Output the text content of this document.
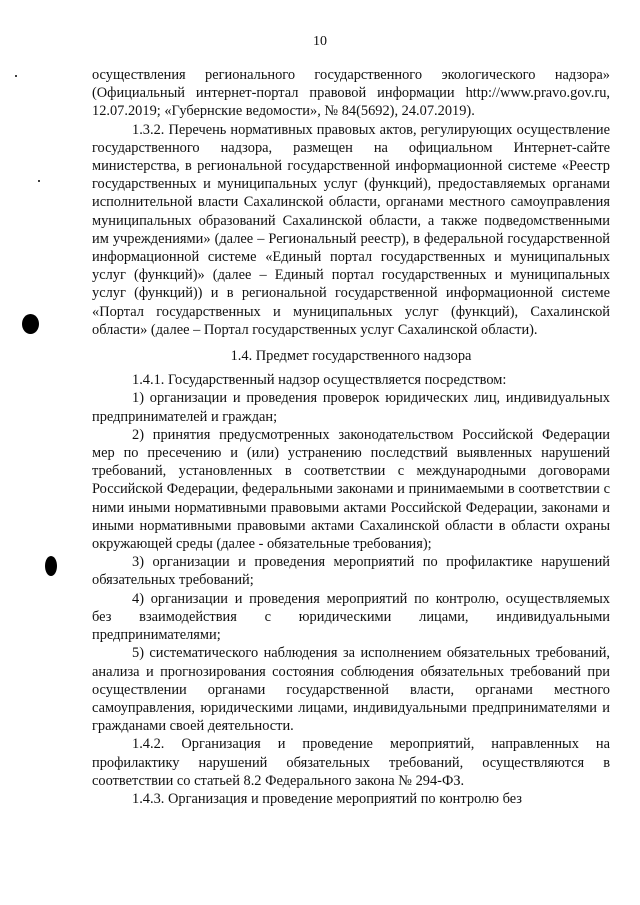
10

осуществления регионального государственного экологического надзора» (Официальный интернет-портал правовой информации http://www.pravo.gov.ru, 12.07.2019; «Губернские ведомости», № 84(5692), 24.07.2019).

1.3.2. Перечень нормативных правовых актов, регулирующих осуществление государственного надзора, размещен на официальном Интернет-сайте министерства, в региональной государственной информационной системе «Реестр государственных и муниципальных услуг (функций), предоставляемых органами исполнительной власти Сахалинской области, органами местного самоуправления муниципальных образований Сахалинской области, а также подведомственными им учреждениями» (далее – Региональный реестр), в федеральной государственной информационной системе «Единый портал государственных и муниципальных услуг (функций)» (далее – Единый портал государственных и муниципальных услуг (функций)) и в региональной государственной информационной системе «Портал государственных и муниципальных услуг (функций), Сахалинской области» (далее – Портал государственных услуг Сахалинской области).

1.4. Предмет государственного надзора

1.4.1. Государственный надзор осуществляется посредством:

1) организации и проведения проверок юридических лиц, индивидуальных предпринимателей и граждан;

2) принятия предусмотренных законодательством Российской Федерации мер по пресечению и (или) устранению последствий выявленных нарушений требований, установленных в соответствии с международными договорами Российской Федерации, федеральными законами и принимаемыми в соответствии с ними иными нормативными правовыми актами Российской Федерации, законами и иными нормативными правовыми актами Сахалинской области в области охраны окружающей среды (далее - обязательные требования);

3) организации и проведения мероприятий по профилактике нарушений обязательных требований;

4) организации и проведения мероприятий по контролю, осуществляемых без взаимодействия с юридическими лицами, индивидуальными предпринимателями;

5) систематического наблюдения за исполнением обязательных требований, анализа и прогнозирования состояния соблюдения обязательных требований при осуществлении органами государственной власти, органами местного самоуправления, юридическими лицами, индивидуальными предпринимателями и гражданами своей деятельности.

1.4.2. Организация и проведение мероприятий, направленных на профилактику нарушений обязательных требований, осуществляются в соответствии со статьей 8.2 Федерального закона № 294-ФЗ.

1.4.3. Организация и проведение мероприятий по контролю без
